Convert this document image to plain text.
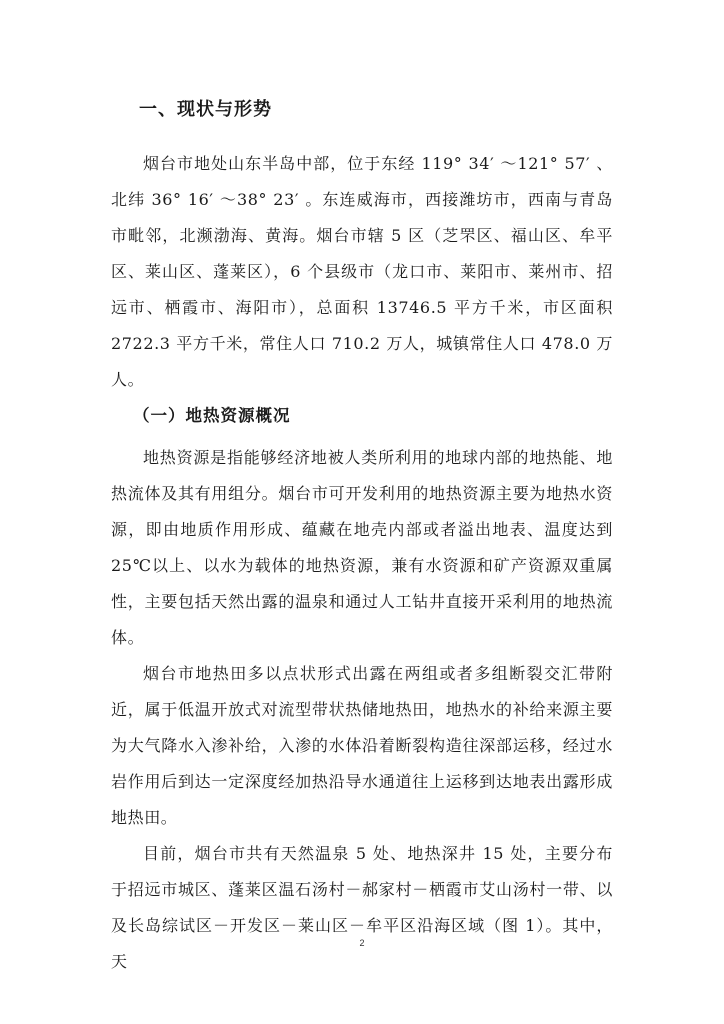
一、现状与形势

烟台市地处山东半岛中部，位于东经 119° 34′ ～121° 57′ 、北纬 36° 16′ ～38° 23′ 。东连威海市，西接潍坊市，西南与青岛市毗邻，北濒渤海、黄海。烟台市辖 5 区（芝罘区、福山区、牟平区、莱山区、蓬莱区），6 个县级市（龙口市、莱阳市、莱州市、招远市、栖霞市、海阳市），总面积 13746.5 平方千米，市区面积 2722.3 平方千米，常住人口 710.2 万人，城镇常住人口 478.0 万人。

（一）地热资源概况

地热资源是指能够经济地被人类所利用的地球内部的地热能、地热流体及其有用组分。烟台市可开发利用的地热资源主要为地热水资源，即由地质作用形成、蕴藏在地壳内部或者溢出地表、温度达到25℃以上、以水为载体的地热资源，兼有水资源和矿产资源双重属性，主要包括天然出露的温泉和通过人工钻井直接开采利用的地热流体。

烟台市地热田多以点状形式出露在两组或者多组断裂交汇带附近，属于低温开放式对流型带状热储地热田，地热水的补给来源主要为大气降水入渗补给，入渗的水体沿着断裂构造往深部运移，经过水岩作用后到达一定深度经加热沿导水通道往上运移到达地表出露形成地热田。

目前，烟台市共有天然温泉 5 处、地热深井 15 处，主要分布于招远市城区、蓬莱区温石汤村－郝家村－栖霞市艾山汤村一带、以及长岛综试区－开发区－莱山区－牟平区沿海区域（图 1）。其中，天

2
